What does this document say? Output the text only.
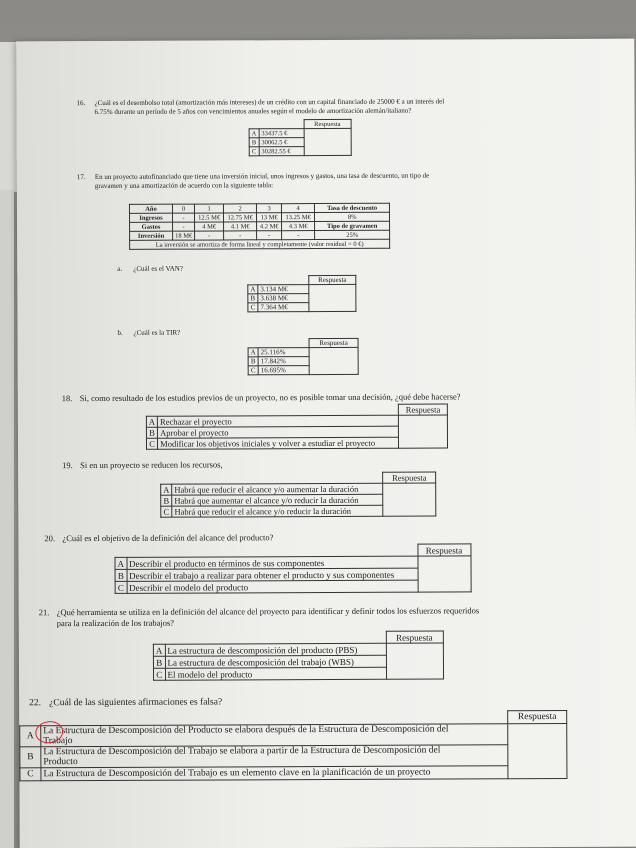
16. ¿Cuál es el desembolso total (amortización más intereses) de un crédito con un capital financiado de 25000 € a un interés del
6.75% durante un período de 5 años con vencimientos anuales según el modelo de amortización alemán/italiano?
		Respuesta
A	33437.5 €	
B	30062.5 €	
C	30282.55 €	
17. En un proyecto autofinanciado que tiene una inversión inicial, unos ingresos y gastos, una tasa de descuento, un tipo de
gravamen y una amortización de acuerdo con la siguiente tabla:
Año	0	1	2	3	4	Tasa de descuento
Ingresos	-	12.5 M€	12.75 M€	13 M€	13.25 M€	8%
Gastos	-	4 M€	4.1 M€	4.2 M€	4.3 M€	Tipo de gravamen
Inversión	18 M€	-	-	-	-	25%
La inversión se amortiza de forma lineal y completamente (valor residual = 0 €)						
a. ¿Cuál es el VAN?
		Respuesta
A	3.134 M€	
B	3.638 M€	
C	7.364 M€	
b. ¿Cuál es la TIR?
		Respuesta
A	25.116%	
B	17.842%	
C	16.695%	
18. Si, como resultado de los estudios previos de un proyecto, no es posible tomar una decisión, ¿qué debe hacerse?
		Respuesta
A	Rechazar el proyecto	
B	Aprobar el proyecto	
C	Modificar los objetivos iniciales y volver a estudiar el proyecto	
19. Si en un proyecto se reducen los recursos,
		Respuesta
A	Habrá que reducir el alcance y/o aumentar la duración	
B	Habrá que aumentar el alcance y/o reducir la duración	
C	Habrá que reducir el alcance y/o reducir la duración	
20. ¿Cuál es el objetivo de la definición del alcance del producto?
		Respuesta
A	Describir el producto en términos de sus componentes	
B	Describir el trabajo a realizar para obtener el producto y sus componentes	
C	Describir el modelo del producto	
21. ¿Qué herramienta se utiliza en la definición del alcance del proyecto para identificar y definir todos los esfuerzos requeridos
para la realización de los trabajos?
		Respuesta
A	La estructura de descomposición del producto (PBS)	
B	La estructura de descomposición del trabajo (WBS)	
C	El modelo del producto	
22. ¿Cuál de las siguientes afirmaciones es falsa?
		Respuesta
A	La Estructura de Descomposición del Producto se elabora después de la Estructura de Descomposición del
Trabajo	

B	La Estructura de Descomposición del Trabajo se elabora a partir de la Estructura de Descomposición del
Producto	

C	La Estructura de Descomposición del Trabajo es un elemento clave en la planificación de un proyecto	
